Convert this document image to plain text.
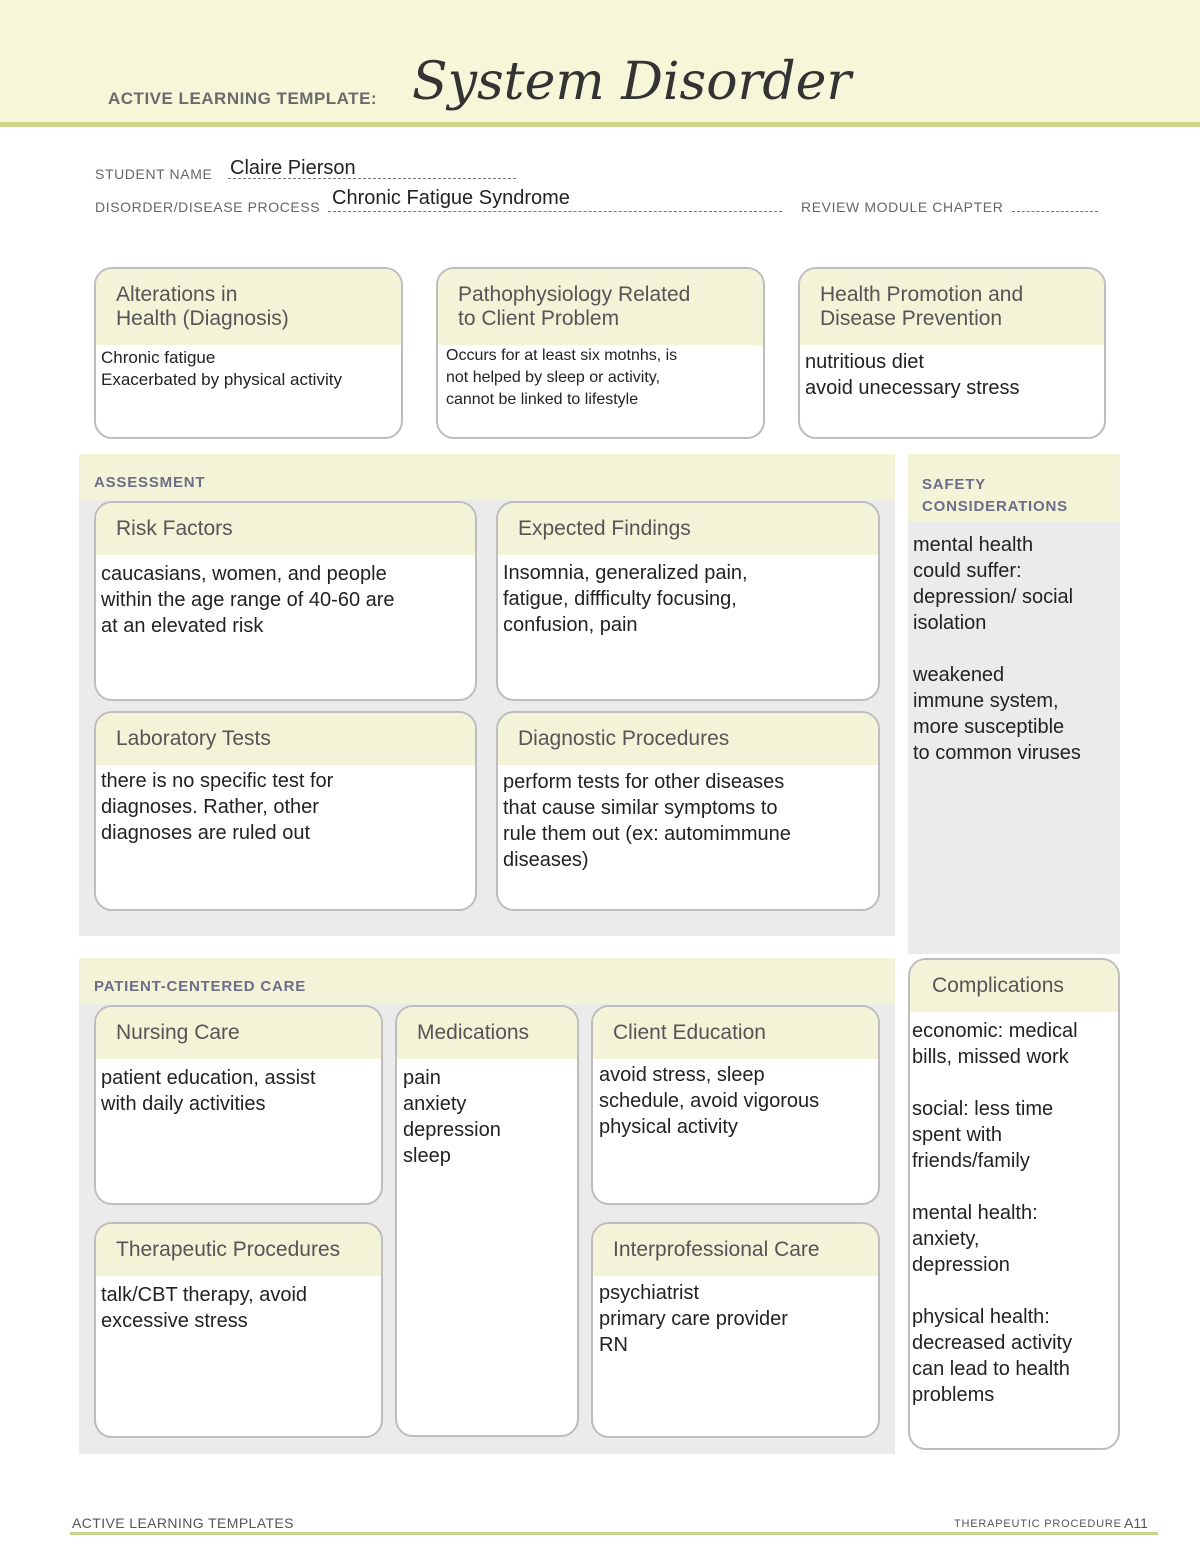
ACTIVE LEARNING TEMPLATE: System Disorder
STUDENT NAME Claire Pierson
DISORDER/DISEASE PROCESS Chronic Fatigue Syndrome	REVIEW MODULE CHAPTER
Alterations in
Health (Diagnosis)
Chronic fatigue
Exacerbated by physical activity
Pathophysiology Related
to Client Problem
Occurs for at least six motnhs, is
not helped by sleep or activity,
cannot be linked to lifestyle
Health Promotion and
Disease Prevention
nutritious diet
avoid unecessary stress
ASSESSMENT
Risk Factors
caucasians, women, and people
within the age range of 40-60 are
at an elevated risk
Expected Findings
Insomnia, generalized pain,
fatigue, diffficulty focusing,
confusion, pain
Laboratory Tests
there is no specific test for
diagnoses. Rather, other
diagnoses are ruled out
Diagnostic Procedures
perform tests for other diseases
that cause similar symptoms to
rule them out (ex: automimmune
diseases)
SAFETY
CONSIDERATIONS
mental health
could suffer:
depression/ social
isolation

weakened
immune system,
more susceptible
to common viruses
PATIENT-CENTERED CARE
Nursing Care
patient education, assist
with daily activities
Medications
pain
anxiety
depression
sleep
Client Education
avoid stress, sleep
schedule, avoid vigorous
physical activity
Therapeutic Procedures
talk/CBT therapy, avoid
excessive stress
Interprofessional Care
psychiatrist
primary care provider
RN
Complications
economic: medical
bills, missed work

social: less time
spent with
friends/family

mental health:
anxiety,
depression

physical health:
decreased activity
can lead to health
problems
ACTIVE LEARNING TEMPLATES	THERAPEUTIC PROCEDURE A11
